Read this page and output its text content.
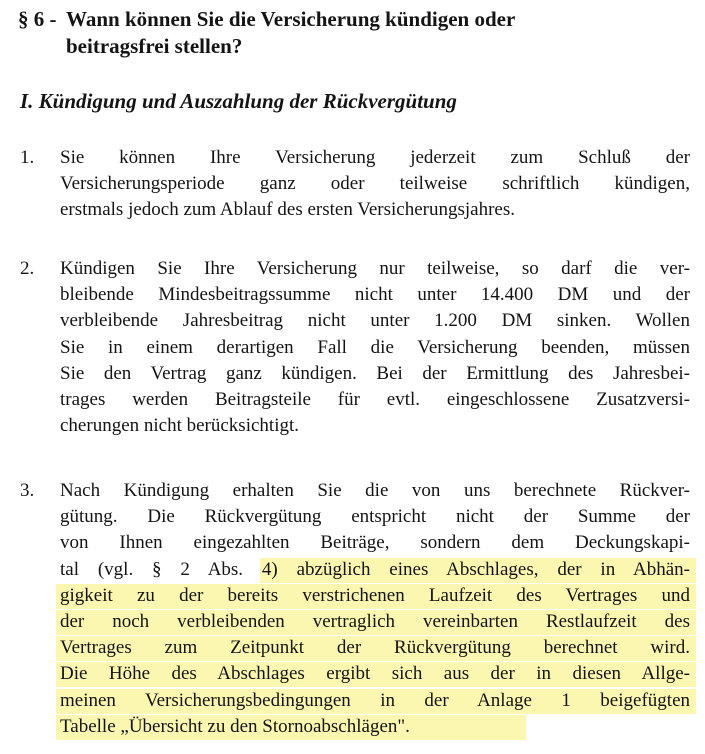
§ 6 - Wann können Sie die Versicherung kündigen oder
beitragsfrei stellen?
I. Kündigung und Auszahlung der Rückvergütung
1.	Sie können Ihre Versicherung jederzeit zum Schluß der
Versicherungsperiode ganz oder teilweise schriftlich kündigen,
erstmals jedoch zum Ablauf des ersten Versicherungsjahres.
2.	Kündigen Sie Ihre Versicherung nur teilweise, so darf die ver-
bleibende Mindesbeitragssumme nicht unter 14.400 DM und der
verbleibende Jahresbeitrag nicht unter 1.200 DM sinken. Wollen
Sie in einem derartigen Fall die Versicherung beenden, müssen
Sie den Vertrag ganz kündigen. Bei der Ermittlung des Jahresbei-
trages werden Beitragsteile für evtl. eingeschlossene Zusatzversi-
cherungen nicht berücksichtigt.
3.	Nach Kündigung erhalten Sie die von uns berechnete Rückver-
gütung. Die Rückvergütung entspricht nicht der Summe der
von Ihnen eingezahlten Beiträge, sondern dem Deckungskapi-
tal (vgl. § 2 Abs. 4) abzüglich eines Abschlages, der in Abhän-
gigkeit zu der bereits verstrichenen Laufzeit des Vertrages und
der noch verbleibenden vertraglich vereinbarten Restlaufzeit des
Vertrages zum Zeitpunkt der Rückvergütung berechnet wird.
Die Höhe des Abschlages ergibt sich aus der in diesen Allge-
meinen Versicherungsbedingungen in der Anlage 1 beigefügten
Tabelle „Übersicht zu den Stornoabschlägen".
